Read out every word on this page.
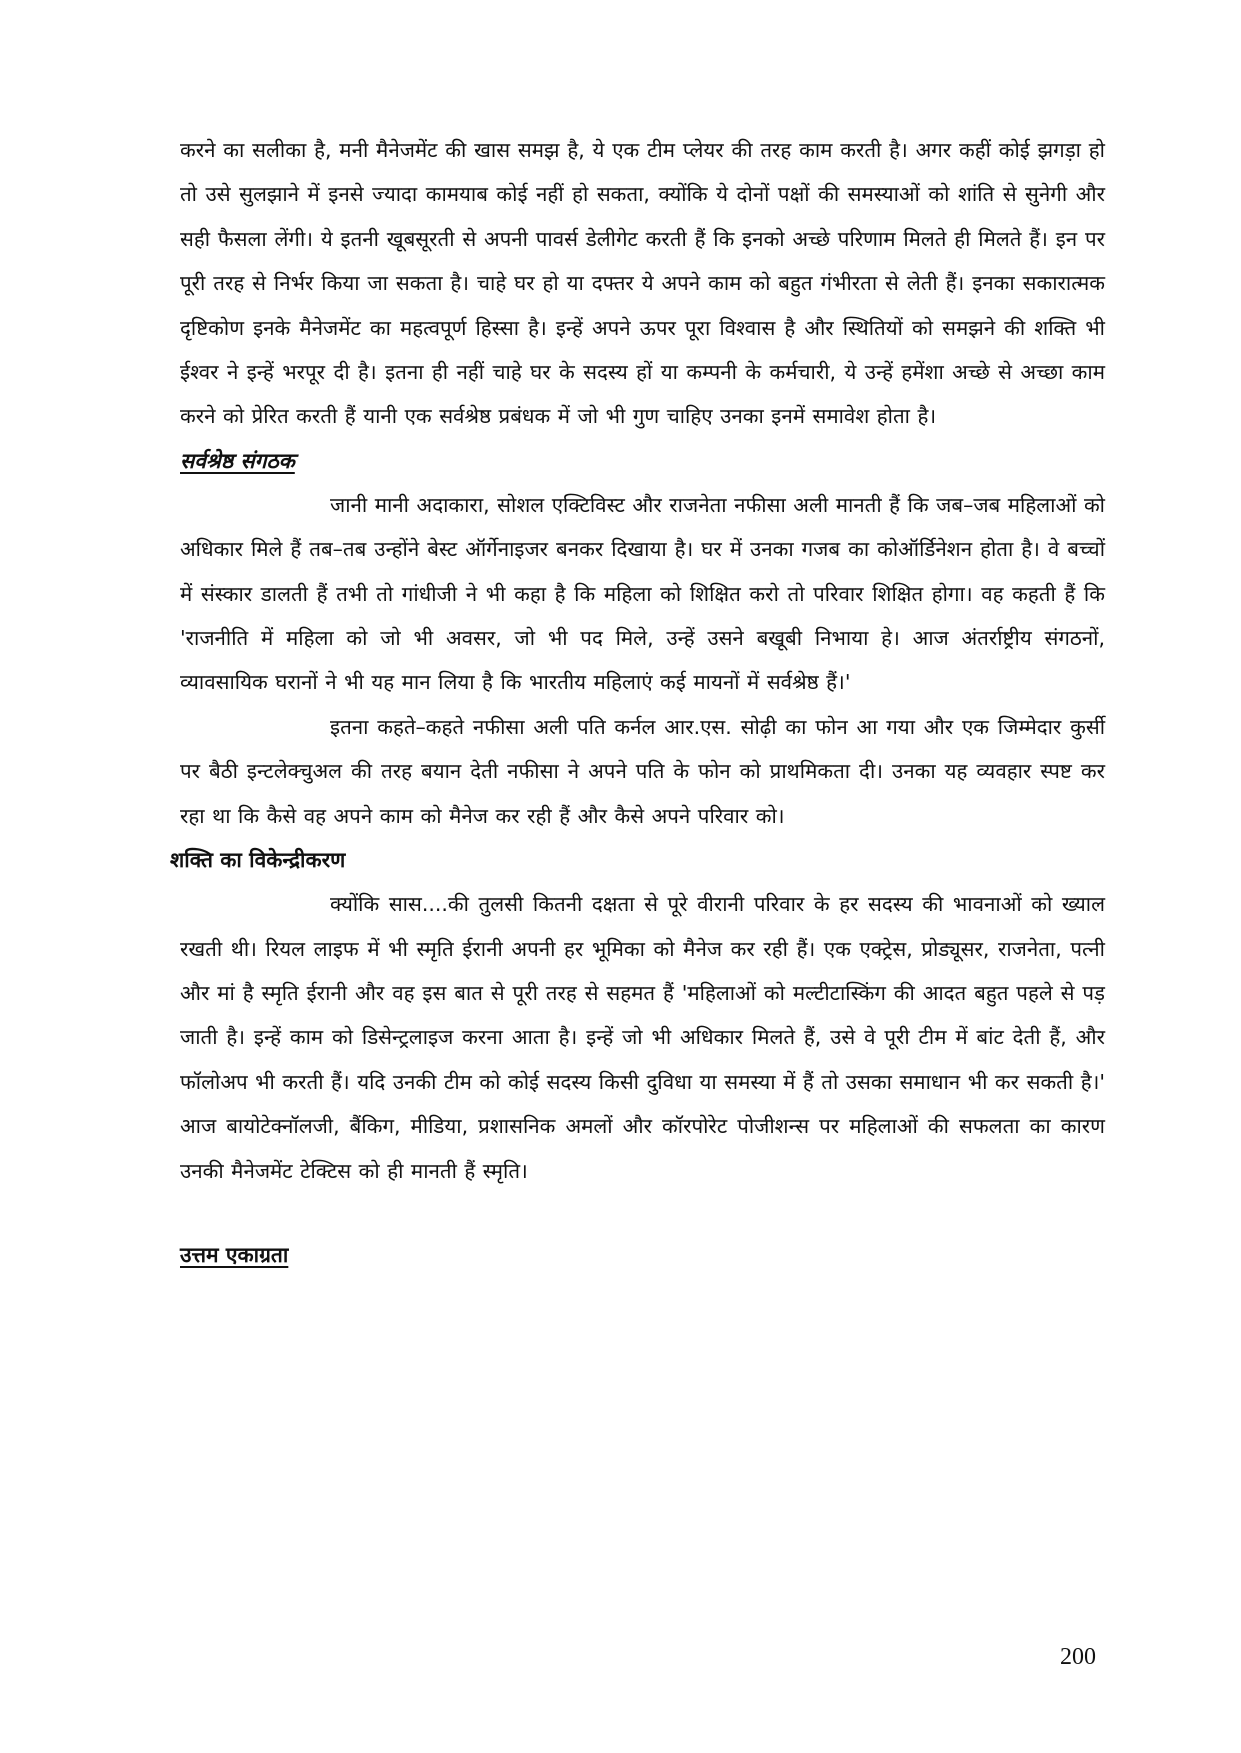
करने का सलीका है, मनी मैनेजमेंट की खास समझ है, ये एक टीम प्लेयर की तरह काम करती है। अगर कहीं कोई झगड़ा हो तो उसे सुलझाने में इनसे ज्यादा कामयाब कोई नहीं हो सकता, क्योंकि ये दोनों पक्षों की समस्याओं को शांति से सुनेगी और सही फैसला लेंगी। ये इतनी खूबसूरती से अपनी पावर्स डेलीगेट करती हैं कि इनको अच्छे परिणाम मिलते ही मिलते हैं। इन पर पूरी तरह से निर्भर किया जा सकता है। चाहे घर हो या दफ्तर ये अपने काम को बहुत गंभीरता से लेती हैं। इनका सकारात्मक दृष्टिकोण इनके मैनेजमेंट का महत्वपूर्ण हिस्सा है। इन्हें अपने ऊपर पूरा विश्वास है और स्थितियों को समझने की शक्ति भी ईश्वर ने इन्हें भरपूर दी है। इतना ही नहीं चाहे घर के सदस्य हों या कम्पनी के कर्मचारी, ये उन्हें हमेंशा अच्छे से अच्छा काम करने को प्रेरित करती हैं यानी एक सर्वश्रेष्ठ प्रबंधक में जो भी गुण चाहिए उनका इनमें समावेश होता है।

सर्वश्रेष्ठ संगठक

जानी मानी अदाकारा, सोशल एक्टिविस्ट और राजनेता नफीसा अली मानती हैं कि जब–जब महिलाओं को अधिकार मिले हैं तब–तब उन्होंने बेस्ट ऑर्गेनाइजर बनकर दिखाया है। घर में उनका गजब का कोऑर्डिनेशन होता है। वे बच्चों में संस्कार डालती हैं तभी तो गांधीजी ने भी कहा है कि महिला को शिक्षित करो तो परिवार शिक्षित होगा। वह कहती हैं कि 'राजनीति में महिला को जो भी अवसर, जो भी पद मिले, उन्हें उसने बखूबी निभाया हे। आज अंतर्राष्ट्रीय संगठनों, व्यावसायिक घरानों ने भी यह मान लिया है कि भारतीय महिलाएं कई मायनों में सर्वश्रेष्ठ हैं।'

इतना कहते–कहते नफीसा अली पति कर्नल आर.एस. सोढ़ी का फोन आ गया और एक जिम्मेदार कुर्सी पर बैठी इन्टलेक्चुअल की तरह बयान देती नफीसा ने अपने पति के फोन को प्राथमिकता दी। उनका यह व्यवहार स्पष्ट कर रहा था कि कैसे वह अपने काम को मैनेज कर रही हैं और कैसे अपने परिवार को।

शक्ति का विकेन्द्रीकरण

क्योंकि सास....की तुलसी कितनी दक्षता से पूरे वीरानी परिवार के हर सदस्य की भावनाओं को ख्याल रखती थी। रियल लाइफ में भी स्मृति ईरानी अपनी हर भूमिका को मैनेज कर रही हैं। एक एक्ट्रेस, प्रोड्यूसर, राजनेता, पत्नी और मां है स्मृति ईरानी और वह इस बात से पूरी तरह से सहमत हैं 'महिलाओं को मल्टीटास्किंग की आदत बहुत पहले से पड़ जाती है। इन्हें काम को डिसेन्ट्रलाइज करना आता है। इन्हें जो भी अधिकार मिलते हैं, उसे वे पूरी टीम में बांट देती हैं, और फॉलोअप भी करती हैं। यदि उनकी टीम को कोई सदस्य किसी दुविधा या समस्या में हैं तो उसका समाधान भी कर सकती है।' आज बायोटेक्नॉलजी, बैंकिग, मीडिया, प्रशासनिक अमलों और कॉरपोरेट पोजीशन्स पर महिलाओं की सफलता का कारण उनकी मैनेजमेंट टेक्टिस को ही मानती हैं स्मृति।

उत्तम एकाग्रता

200
